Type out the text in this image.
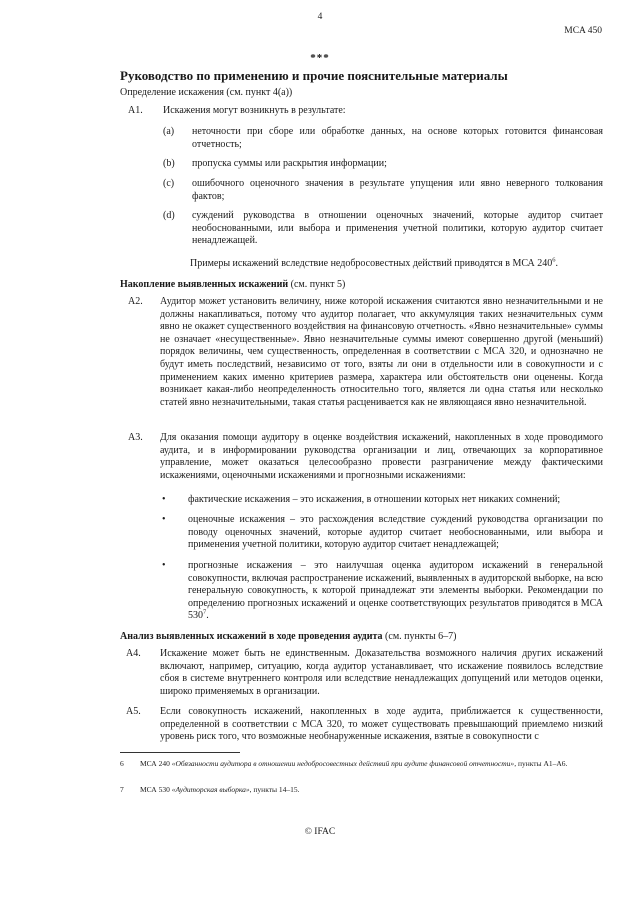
4
MCA 450
***
Руководство по применению и прочие пояснительные материалы
Определение искажения (см. пункт 4(а))
A1. Искажения могут возникнуть в результате:

(a) неточности при сборе или обработке данных, на основе которых готовится финансовая отчетность;

(b) пропуска суммы или раскрытия информации;

(c) ошибочного оценочного значения в результате упущения или явно неверного толкования фактов;

(d) суждений руководства в отношении оценочных значений, которые аудитор считает необоснованными, или выбора и применения учетной политики, которую аудитор считает ненадлежащей.

Примеры искажений вследствие недобросовестных действий приводятся в МСА $240^6$.

Накопление выявленных искажений (см. пункт 5)
A2. Аудитор может установить величину, ниже которой искажения считаются явно незначительными и не должны накапливаться, потому что аудитор полагает, что аккумуляция таких незначительных сумм явно не окажет существенного воздействия на финансовую отчетность. «Явно незначительные» суммы не означает «несущественные». Явно незначительные суммы имеют совершенно другой (меньший) порядок величины, чем существенность, определенная в соответствии с МСА 320, и однозначно не будут иметь последствий, независимо от того, взяты ли они в отдельности или в совокупности и с применением каких именно критериев размера, характера или обстоятельств они оценены. Когда возникает какая-либо неопределенность относительно того, является ли одна статья или несколько статей явно незначительными, такая статья расценивается как не являющаяся явно незначительной.

A3. Для оказания помощи аудитору в оценке воздействия искажений, накопленных в ходе проводимого аудита, и в информировании руководства организации и лиц, отвечающих за корпоративное управление, может оказаться целесообразно провести разграничение между фактическими искажениями, оценочными искажениями и прогнозными искажениями:

• фактические искажения – это искажения, в отношении которых нет никаких сомнений;

• оценочные искажения – это расхождения вследствие суждений руководства организации по поводу оценочных значений, которые аудитор считает необоснованными, или выбора и применения учетной политики, которую аудитор считает ненадлежащей;

• прогнозные искажения – это наилучшая оценка аудитором искажений в генеральной совокупности, включая распространение искажений, выявленных в аудиторской выборке, на всю генеральную совокупность, к которой принадлежат эти элементы выборки. Рекомендации по определению прогнозных искажений и оценке соответствующих результатов приводятся в МСА $530^7$.

Анализ выявленных искажений в ходе проведения аудита (см. пункты 6–7)
A4. Искажение может быть не единственным. Доказательства возможного наличия других искажений включают, например, ситуацию, когда аудитор устанавливает, что искажение появилось вследствие сбоя в системе внутреннего контроля или вследствие ненадлежащих допущений или методов оценки, широко применяемых в организации.

A5. Если совокупность искажений, накопленных в ходе аудита, приближается к существенности, определенной в соответствии с МСА 320, то может существовать превышающий приемлемо низкий уровень риск того, что возможные необнаруженные искажения, взятые в совокупности с

6 МСА 240 «Обязанности аудитора в отношении недобросовестных действий при аудите финансовой отчетности», пункты A1–A6.

7 МСА 530 «Аудиторская выборка», пункты 14–15.

© IFAC
